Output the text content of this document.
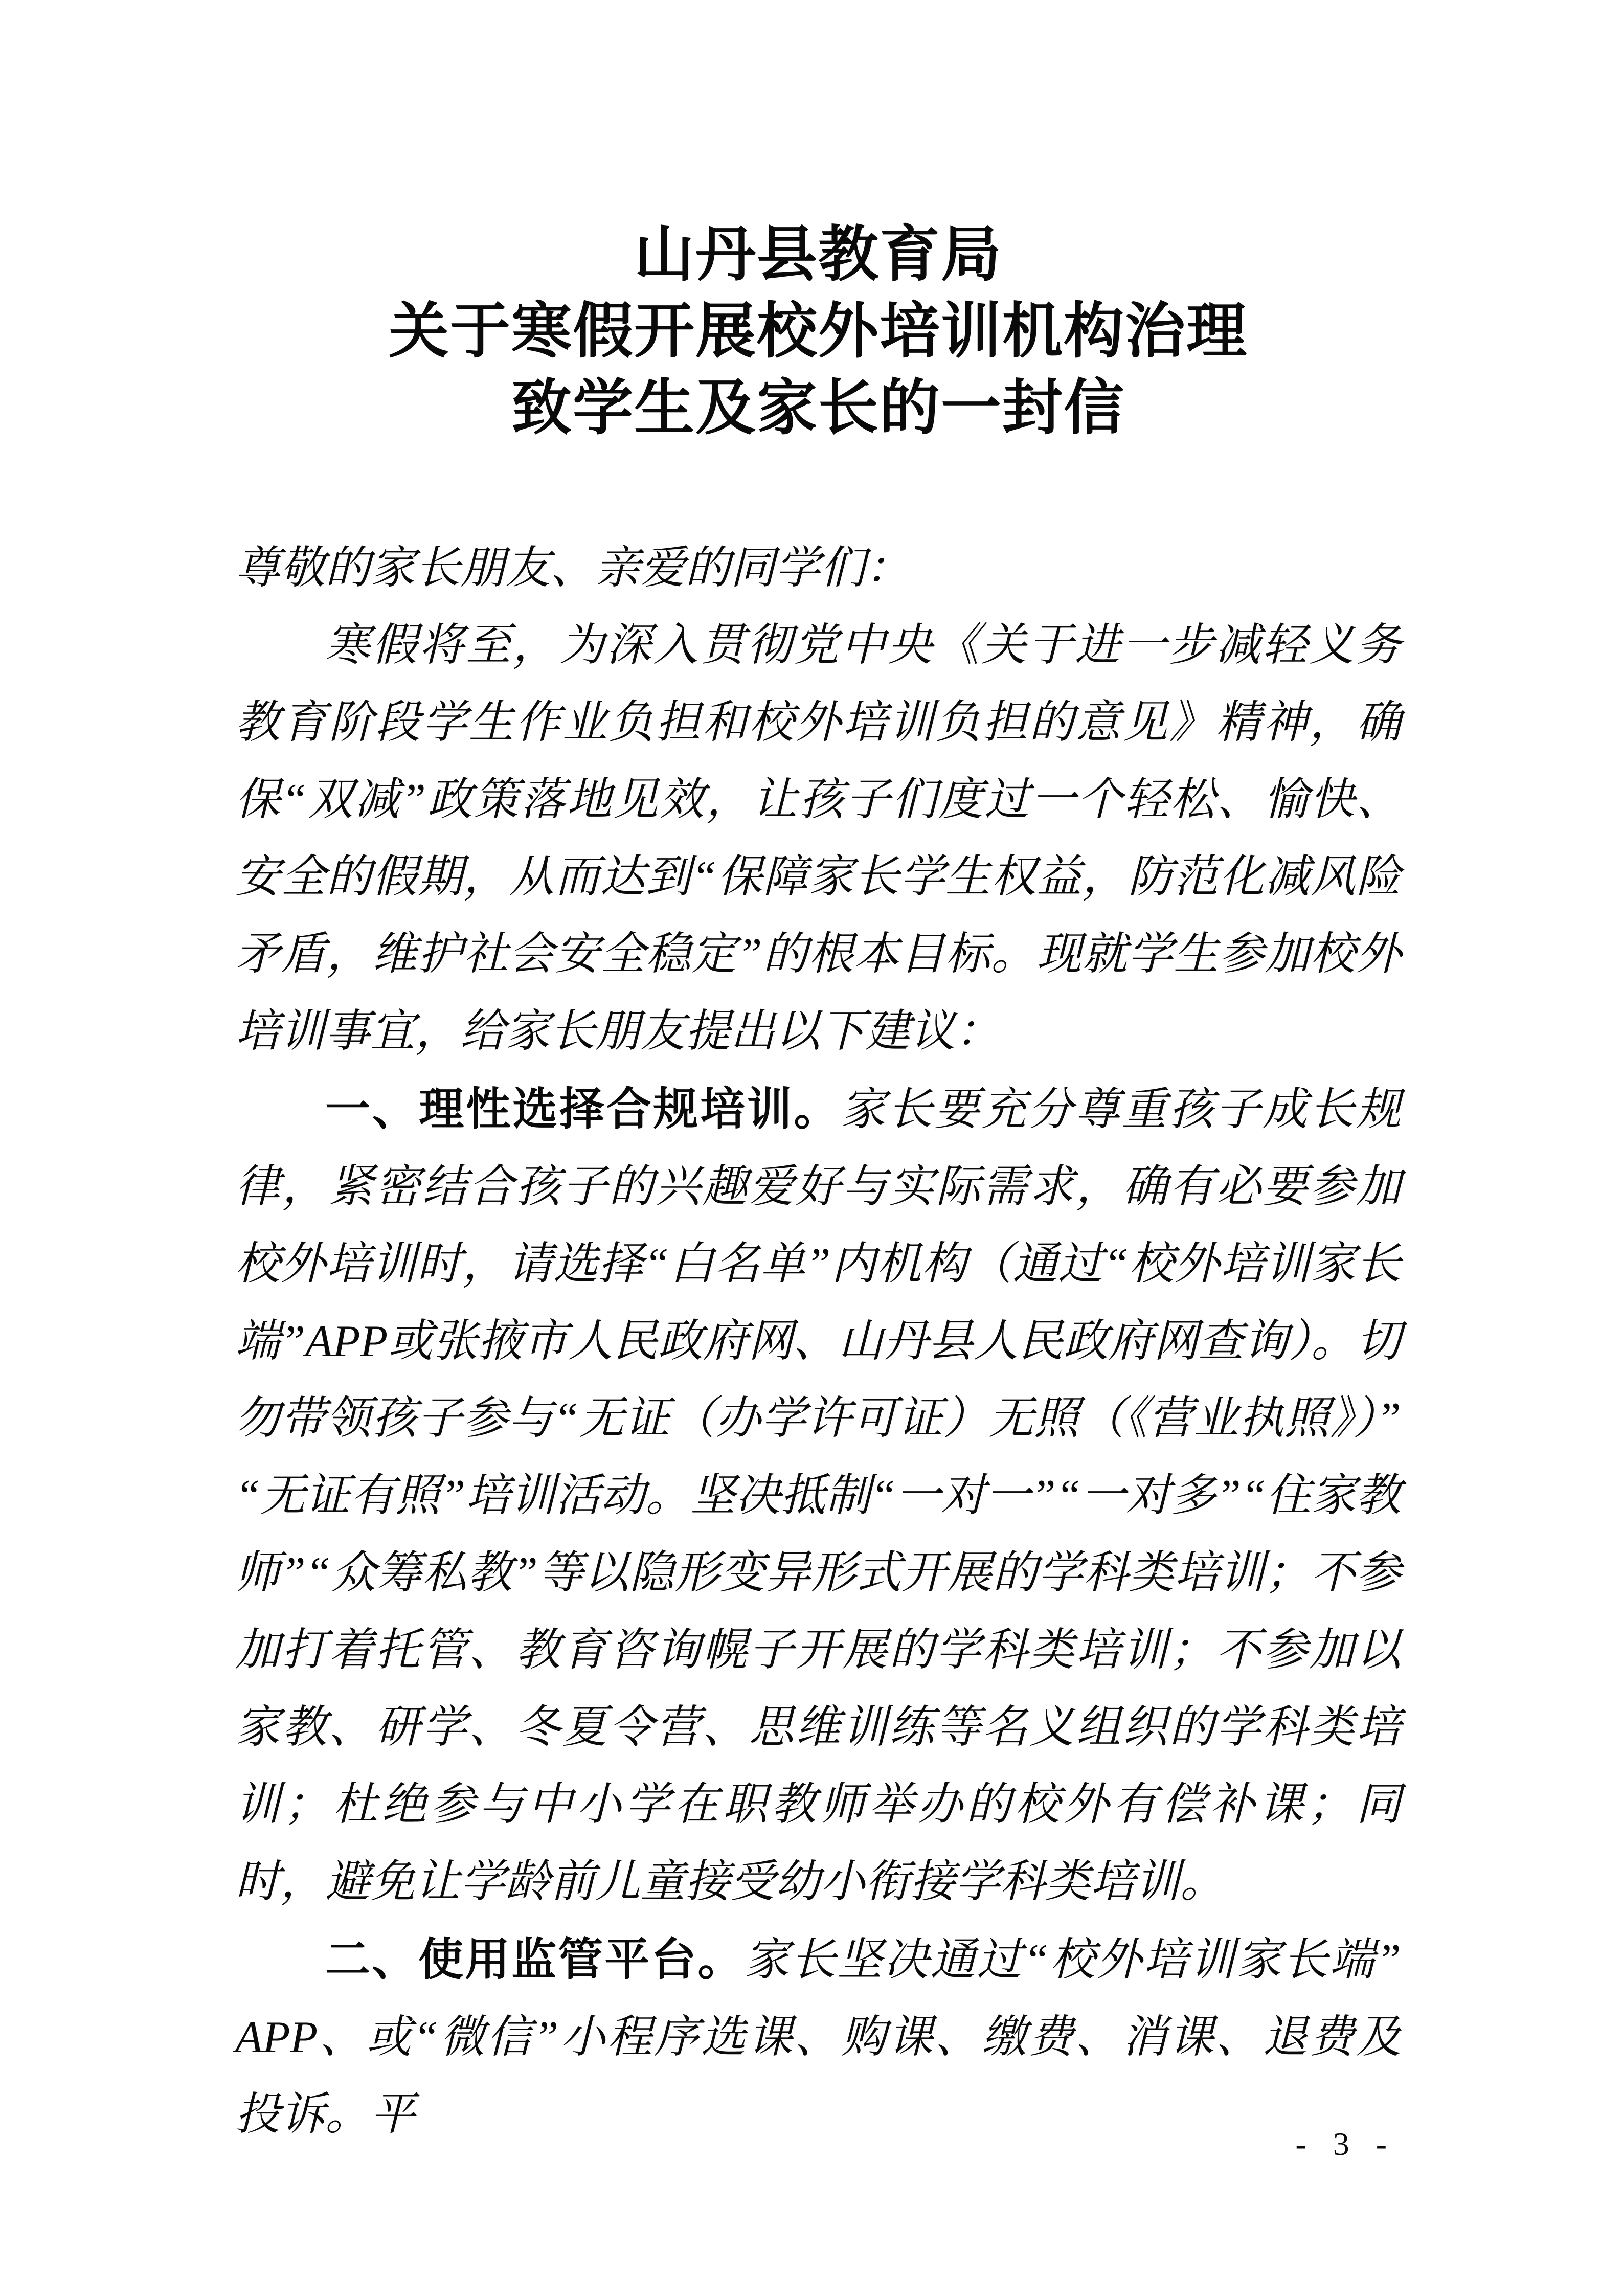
山丹县教育局
关于寒假开展校外培训机构治理
致学生及家长的一封信

尊敬的家长朋友、亲爱的同学们：

寒假将至，为深入贯彻党中央《关于进一步减轻义务教育阶段学生作业负担和校外培训负担的意见》精神，确保“双减”政策落地见效，让孩子们度过一个轻松、愉快、安全的假期，从而达到“保障家长学生权益，防范化减风险矛盾，维护社会安全稳定”的根本目标。现就学生参加校外培训事宜，给家长朋友提出以下建议：

一、理性选择合规培训。家长要充分尊重孩子成长规律，紧密结合孩子的兴趣爱好与实际需求，确有必要参加校外培训时，请选择“白名单”内机构（通过“校外培训家长端”APP或张掖市人民政府网、山丹县人民政府网查询）。切勿带领孩子参与“无证（办学许可证）无照（《营业执照》）”“无证有照”培训活动。坚决抵制“一对一”“一对多”“住家教师”“众筹私教”等以隐形变异形式开展的学科类培训；不参加打着托管、教育咨询幌子开展的学科类培训；不参加以家教、研学、冬夏令营、思维训练等名义组织的学科类培训；杜绝参与中小学在职教师举办的校外有偿补课；同时，避免让学龄前儿童接受幼小衔接学科类培训。

二、使用监管平台。家长坚决通过“校外培训家长端”APP、或“微信”小程序选课、购课、缴费、消课、退费及投诉。平

- 3 -
